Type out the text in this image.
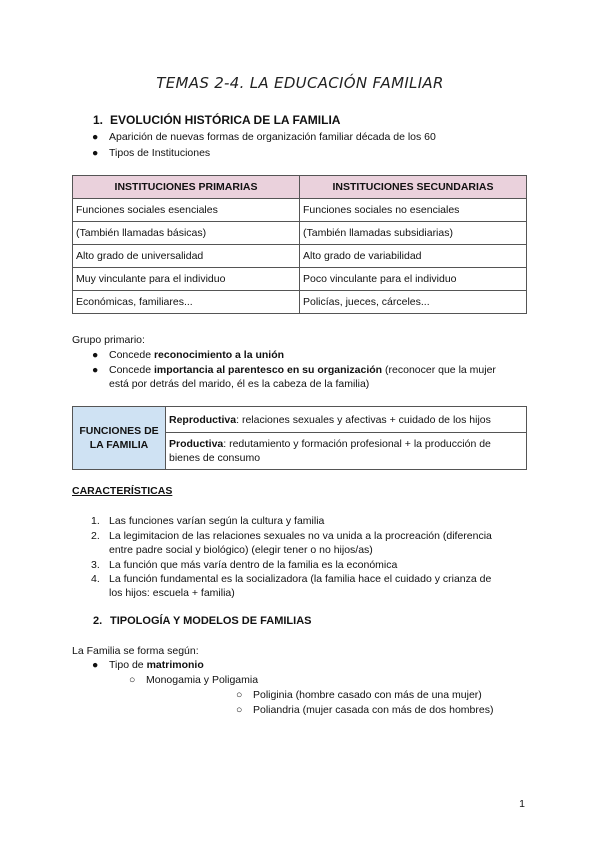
TEMAS 2-4. LA EDUCACIÓN FAMILIAR
1. EVOLUCIÓN HISTÓRICA DE LA FAMILIA
● Aparición de nuevas formas de organización familiar década de los 60
● Tipos de Instituciones
INSTITUCIONES PRIMARIAS	INSTITUCIONES SECUNDARIAS
Funciones sociales esenciales	Funciones sociales no esenciales
(También llamadas básicas)	(También llamadas subsidiarias)
Alto grado de universalidad	Alto grado de variabilidad
Muy vinculante para el individuo	Poco vinculante para el individuo
Económicas, familiares...	Policías, jueces, cárceles...
Grupo primario:
● Concede reconocimiento a la unión
● Concede importancia al parentesco en su organización (reconocer que la mujer
está por detrás del marido, él es la cabeza de la familia)
FUNCIONES DE LA FAMILIA	Reproductiva: relaciones sexuales y afectivas + cuidado de los hijos
Productiva: redutamiento y formación profesional + la producción de bienes de consumo
CARACTERÍSTICAS
1. Las funciones varían según la cultura y familia
2. La legimitacion de las relaciones sexuales no va unida a la procreación (diferencia
entre padre social y biológico) (elegir tener o no hijos/as)
3. La función que más varía dentro de la familia es la económica
4. La función fundamental es la socializadora (la familia hace el cuidado y crianza de
los hijos: escuela + familia)
2. TIPOLOGÍA Y MODELOS DE FAMILIAS
La Familia se forma según:
● Tipo de matrimonio
○ Monogamia y Poligamia
○ Poliginia (hombre casado con más de una mujer)
○ Poliandria (mujer casada con más de dos hombres)
1
